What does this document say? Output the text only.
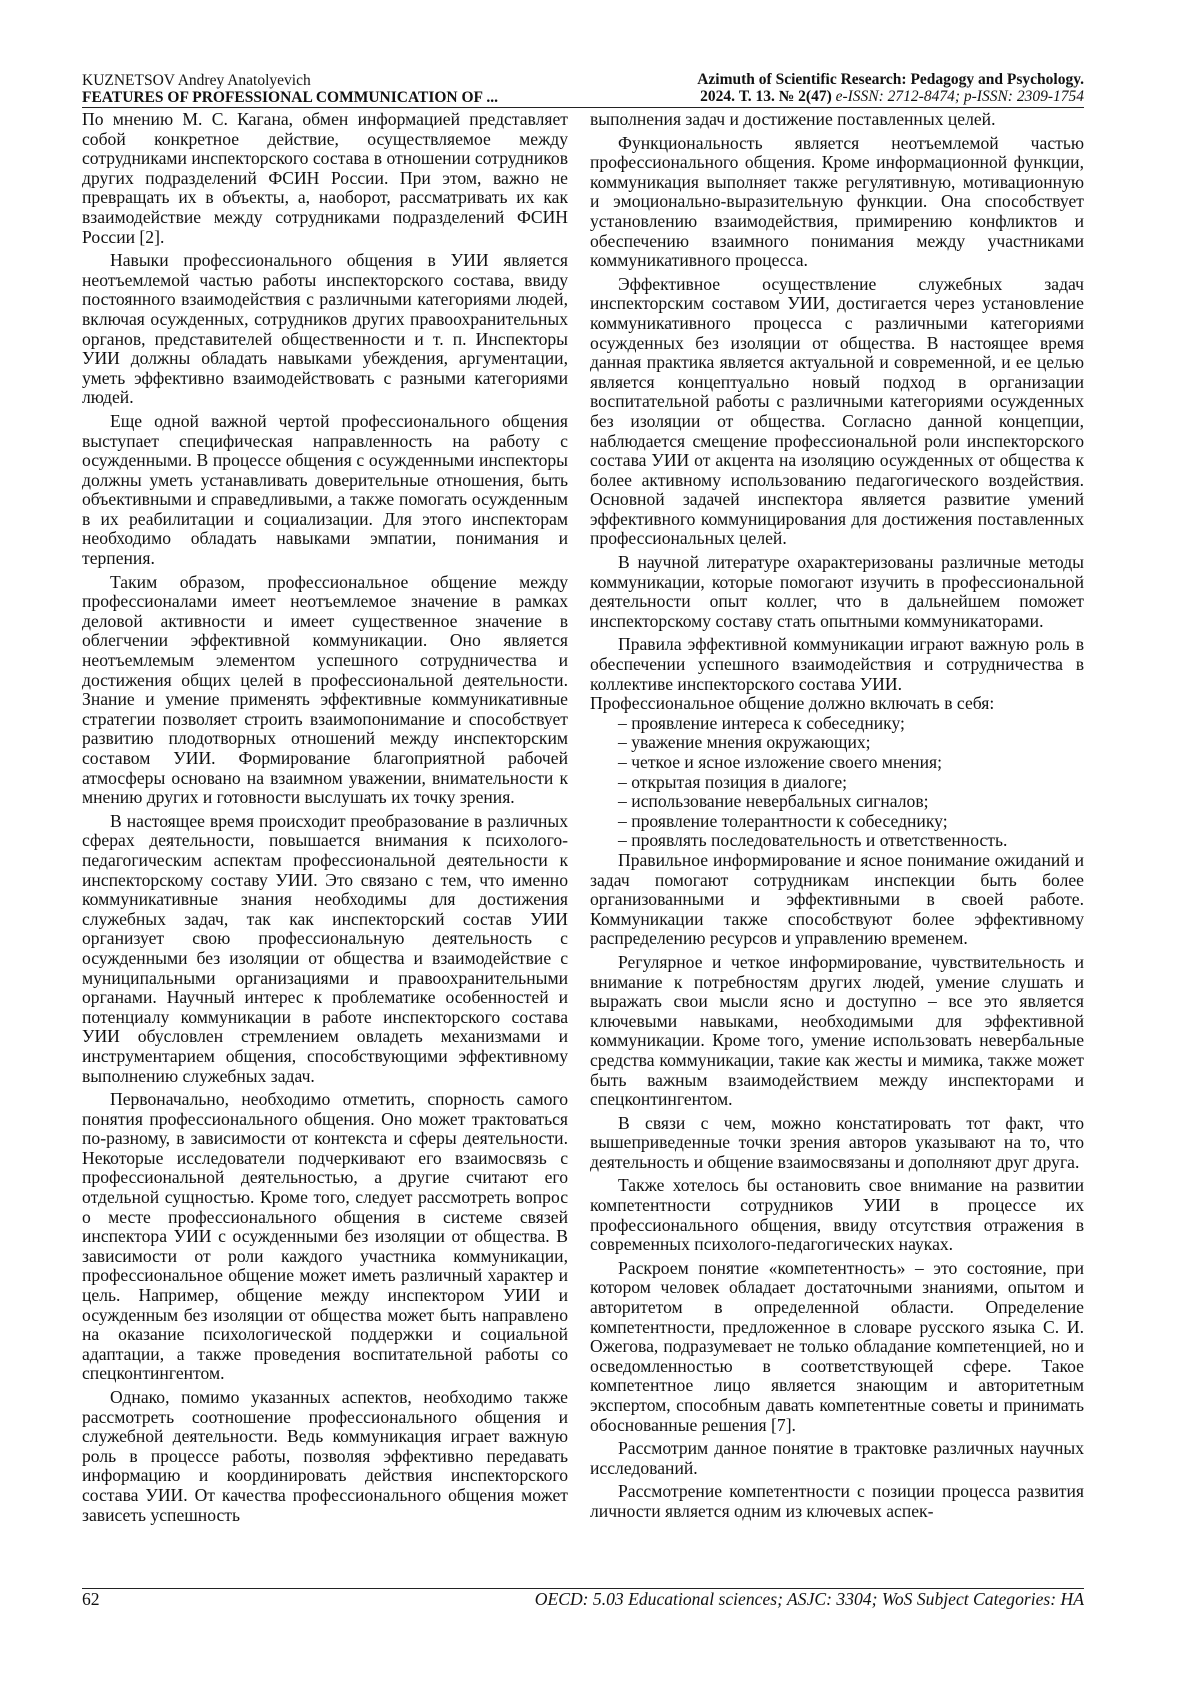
KUZNETSOV Andrey Anatolyevich
FEATURES OF PROFESSIONAL COMMUNICATION OF ...
Azimuth of Scientific Research: Pedagogy and Psychology.
2024. Т. 13. № 2(47) e-ISSN: 2712-8474; p-ISSN: 2309-1754

По мнению М. С. Кагана, обмен информацией представляет собой конкретное действие, осуществляемое между сотрудниками инспекторского состава в отношении сотрудников других подразделений ФСИН России. При этом, важно не превращать их в объекты, а, наоборот, рассматривать их как взаимодействие между сотрудниками подразделений ФСИН России [2].

Навыки профессионального общения в УИИ является неотъемлемой частью работы инспекторского состава, ввиду постоянного взаимодействия с различными категориями людей, включая осужденных, сотрудников других правоохранительных органов, представителей общественности и т. п. Инспекторы УИИ должны обладать навыками убеждения, аргументации, уметь эффективно взаимодействовать с разными категориями людей.

Еще одной важной чертой профессионального общения выступает специфическая направленность на работу с осужденными. В процессе общения с осужденными инспекторы должны уметь устанавливать доверительные отношения, быть объективными и справедливыми, а также помогать осужденным в их реабилитации и социализации. Для этого инспекторам необходимо обладать навыками эмпатии, понимания и терпения.

Таким образом, профессиональное общение между профессионалами имеет неотъемлемое значение в рамках деловой активности и имеет существенное значение в облегчении эффективной коммуникации. Оно является неотъемлемым элементом успешного сотрудничества и достижения общих целей в профессиональной деятельности. Знание и умение применять эффективные коммуникативные стратегии позволяет строить взаимопонимание и способствует развитию плодотворных отношений между инспекторским составом УИИ. Формирование благоприятной рабочей атмосферы основано на взаимном уважении, внимательности к мнению других и готовности выслушать их точку зрения.

В настоящее время происходит преобразование в различных сферах деятельности, повышается внимания к психолого-педагогическим аспектам профессиональной деятельности к инспекторскому составу УИИ. Это связано с тем, что именно коммуникативные знания необходимы для достижения служебных задач, так как инспекторский состав УИИ организует свою профессиональную деятельность с осужденными без изоляции от общества и взаимодействие с муниципальными организациями и правоохранительными органами. Научный интерес к проблематике особенностей и потенциалу коммуникации в работе инспекторского состава УИИ обусловлен стремлением овладеть механизмами и инструментарием общения, способствующими эффективному выполнению служебных задач.

Первоначально, необходимо отметить, спорность самого понятия профессионального общения. Оно может трактоваться по-разному, в зависимости от контекста и сферы деятельности. Некоторые исследователи подчеркивают его взаимосвязь с профессиональной деятельностью, а другие считают его отдельной сущностью. Кроме того, следует рассмотреть вопрос о месте профессионального общения в системе связей инспектора УИИ с осужденными без изоляции от общества. В зависимости от роли каждого участника коммуникации, профессиональное общение может иметь различный характер и цель. Например, общение между инспектором УИИ и осужденным без изоляции от общества может быть направлено на оказание психологической поддержки и социальной адаптации, а также проведения воспитательной работы со спецконтингентом.

Однако, помимо указанных аспектов, необходимо также рассмотреть соотношение профессионального общения и служебной деятельности. Ведь коммуникация играет важную роль в процессе работы, позволяя эффективно передавать информацию и координировать действия инспекторского состава УИИ. От качества профессионального общения может зависеть успешность

выполнения задач и достижение поставленных целей.

Функциональность является неотъемлемой частью профессионального общения. Кроме информационной функции, коммуникация выполняет также регулятивную, мотивационную и эмоционально-выразительную функции. Она способствует установлению взаимодействия, примирению конфликтов и обеспечению взаимного понимания между участниками коммуникативного процесса.

Эффективное осуществление служебных задач инспекторским составом УИИ, достигается через установление коммуникативного процесса с различными категориями осужденных без изоляции от общества. В настоящее время данная практика является актуальной и современной, и ее целью является концептуально новый подход в организации воспитательной работы с различными категориями осужденных без изоляции от общества. Согласно данной концепции, наблюдается смещение профессиональной роли инспекторского состава УИИ от акцента на изоляцию осужденных от общества к более активному использованию педагогического воздействия. Основной задачей инспектора является развитие умений эффективного коммуницирования для достижения поставленных профессиональных целей.

В научной литературе охарактеризованы различные методы коммуникации, которые помогают изучить в профессиональной деятельности опыт коллег, что в дальнейшем поможет инспекторскому составу стать опытными коммуникаторами.

Правила эффективной коммуникации играют важную роль в обеспечении успешного взаимодействия и сотрудничества в коллективе инспекторского состава УИИ.

Профессиональное общение должно включать в себя:

– проявление интереса к собеседнику;
– уважение мнения окружающих;
– четкое и ясное изложение своего мнения;
– открытая позиция в диалоге;
– использование невербальных сигналов;
– проявление толерантности к собеседнику;
– проявлять последовательность и ответственность.

Правильное информирование и ясное понимание ожиданий и задач помогают сотрудникам инспекции быть более организованными и эффективными в своей работе. Коммуникации также способствуют более эффективному распределению ресурсов и управлению временем.

Регулярное и четкое информирование, чувствительность и внимание к потребностям других людей, умение слушать и выражать свои мысли ясно и доступно – все это является ключевыми навыками, необходимыми для эффективной коммуникации. Кроме того, умение использовать невербальные средства коммуникации, такие как жесты и мимика, также может быть важным взаимодействием между инспекторами и спецконтингентом.

В связи с чем, можно констатировать тот факт, что вышеприведенные точки зрения авторов указывают на то, что деятельность и общение взаимосвязаны и дополняют друг друга.

Также хотелось бы остановить свое внимание на развитии компетентности сотрудников УИИ в процессе их профессионального общения, ввиду отсутствия отражения в современных психолого-педагогических науках.

Раскроем понятие «компетентность» – это состояние, при котором человек обладает достаточными знаниями, опытом и авторитетом в определенной области. Определение компетентности, предложенное в словаре русского языка С. И. Ожегова, подразумевает не только обладание компетенцией, но и осведомленностью в соответствующей сфере. Такое компетентное лицо является знающим и авторитетным экспертом, способным давать компетентные советы и принимать обоснованные решения [7].

Рассмотрим данное понятие в трактовке различных научных исследований.

Рассмотрение компетентности с позиции процесса развития личности является одним из ключевых аспек-

62	OECD: 5.03 Educational sciences; ASJC: 3304; WoS Subject Categories: HA
